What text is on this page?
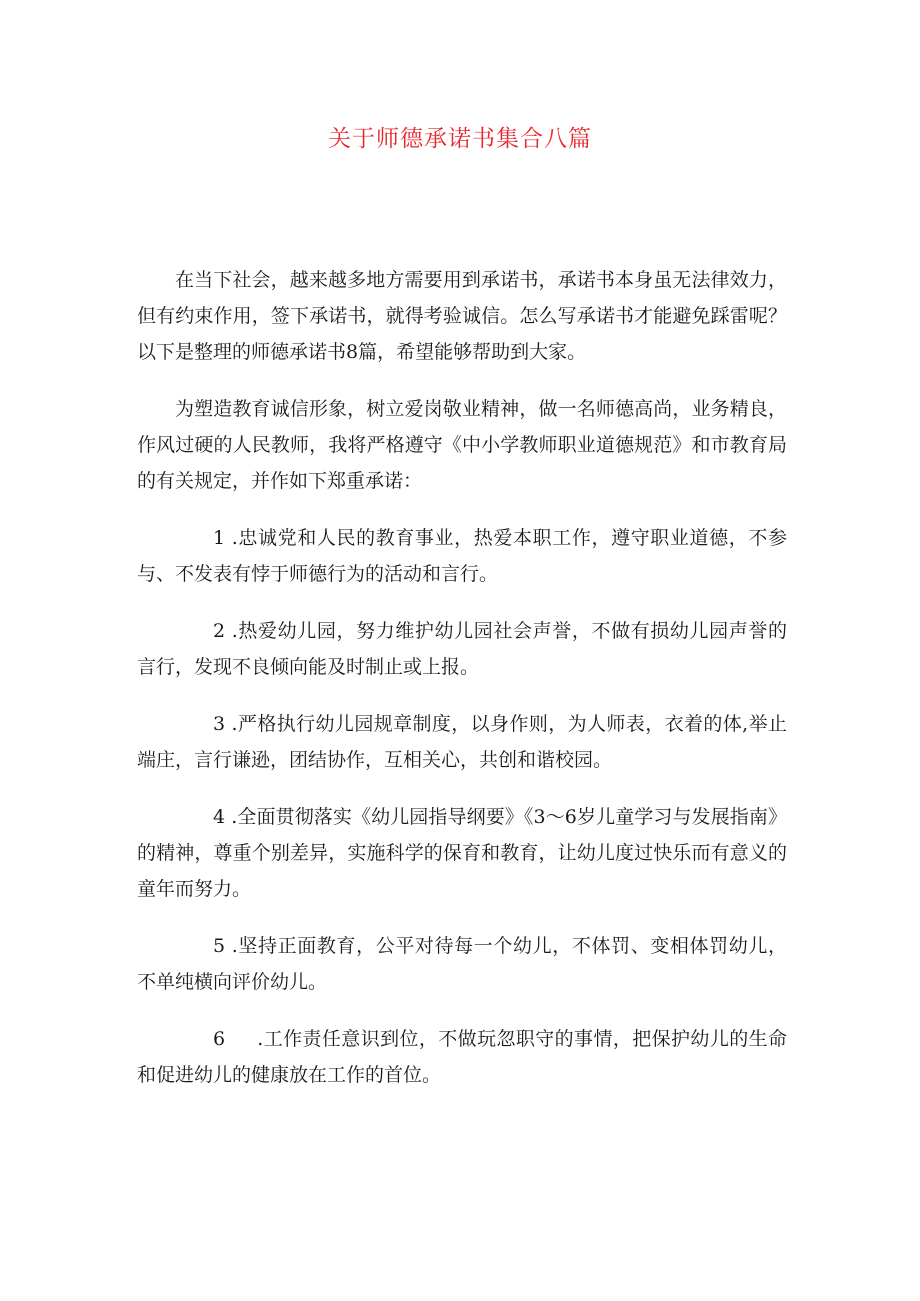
关于师德承诺书集合八篇

在当下社会，越来越多地方需要用到承诺书，承诺书本身虽无法律效力，但有约束作用，签下承诺书，就得考验诚信。怎么写承诺书才能避免踩雷呢？以下是整理的师德承诺书8篇，希望能够帮助到大家。

为塑造教育诚信形象，树立爱岗敬业精神，做一名师德高尚，业务精良，作风过硬的人民教师，我将严格遵守《中小学教师职业道德规范》和市教育局的有关规定，并作如下郑重承诺：

1 .忠诚党和人民的教育事业，热爱本职工作，遵守职业道德，不参与、不发表有悖于师德行为的活动和言行。

2 .热爱幼儿园，努力维护幼儿园社会声誉，不做有损幼儿园声誉的言行，发现不良倾向能及时制止或上报。

3 .严格执行幼儿园规章制度，以身作则，为人师表，衣着的体,举止端庄，言行谦逊，团结协作，互相关心，共创和谐校园。

4 .全面贯彻落实《幼儿园指导纲要》《3～6岁儿童学习与发展指南》的精神，尊重个别差异，实施科学的保育和教育，让幼儿度过快乐而有意义的童年而努力。

5 .坚持正面教育，公平对待每一个幼儿，不体罚、变相体罚幼儿，不单纯横向评价幼儿。

6 .工作责任意识到位，不做玩忽职守的事情，把保护幼儿的生命和促进幼儿的健康放在工作的首位。
